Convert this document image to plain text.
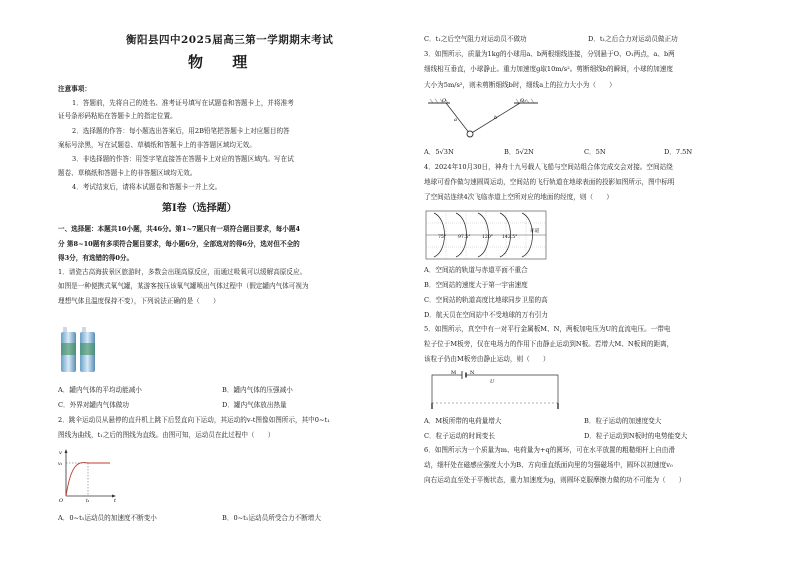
衡阳县四中2025届高三第一学期期末考试
物 理
注意事项：
1．答题前，先将自己的姓名、准考证号填写在试题卷和答题卡上，并将准考
证号条形码粘贴在答题卡上的指定位置。
2．选择题的作答：每小题选出答案后，用2B铅笔把答题卡上对应题目的答
案标号涂黑，写在试题卷、草稿纸和答题卡上的非答题区域均无效。
3．非选择题的作答：用签字笔直接答在答题卡上对应的答题区域内。写在试
题卷、草稿纸和答题卡上的非答题区域均无效。
4．考试结束后，请将本试题卷和答题卡一并上交。
第Ⅰ卷（选择题）
一、选择题：本题共10小题，共46分。第1~7题只有一项符合题目要求，每小题4
分 第8~10题有多项符合题目要求，每小题6分，全部选对的得6分，选对但不全的
得3分，有选错的得0分。
1．谱瓷古高海拔景区旅游时，多数会出现高原反应，而通过吸氧可以缓解高原反应。
如图是一种便携式氧气罐，某游客按压该氧气罐喷出气体过程中（假定罐内气体可视为
理想气体且温度保持不变），下列说法正确的是（　　）
A．罐内气体的平均动能减小	B．罐内气体的压强减小
C．外界对罐内气体做功	D．罐内气体放出热量
2．跳伞运动员从悬停的直升机上跳下后竖直向下运动，其运动的v-t图像如图所示，其中0~t₁
图线为曲线，t₁之后的图线为直线。由图可知，运动员在此过程中（　　）
v
v₁
O	t₁	t
A．0~t₁运动员的加速度不断变小	B．0~t₁运动员所受合力不断增大
C．t₁之后空气阻力对运动员不做功	D．t₁之后合力对运动员做正功
3．如图所示，质量为1kg的小球用a、b两根细线连接，分别悬于O、O₁两点，a、b两
细线相互垂直，小球静止。重力加速度g取10m/s²。剪断细线b的瞬间，小球的加速度
大小为5m/s²，则未剪断细线b时，细线a上的拉力大小为（　　）
O	O₁
a	b
A．5√3N	B．5√2N	C．5N	D．7.5N
4．2024年10月30日，神舟十九号载人飞船与空间站组合体完成交会对接。空间站绕
地球可看作做匀速圆周运动，空间站的飞行轨道在地球表面的投影如图所示，图中标明
了空间站连续4次飞临赤道上空所对应的地面的经度，则（　　）
75°	97.5° 120° 142.5°
赤道
A．空间站的轨道与赤道平面不重合
B．空间站的速度大于第一宇宙速度
C．空间站的轨道高度比地球同步卫星的高
D．航天员在空间站中不受地球的万有引力
5．如图所示，真空中有一对平行金属板M、N，两板加电压为U的直流电压。一带电
粒子位于M板旁，仅在电场力的作用下由静止运动到N板。若增大M、N板间的距离，
该粒子仍由M板旁由静止运动，则（　　）
M	N
U
A．M板所带的电荷量增大	B．粒子运动的加速度变大
C．粒子运动的时间变长	D．粒子运动到N板时的电势能变大
6．如图所示为一个质量为m、电荷量为+q的圆环，可在水平放置的粗糙细杆上自由滑
动，细杆处在磁感应强度大小为B、方向垂直纸面向里的匀强磁场中，圆环以初速度v₀
向右运动直至处于平衡状态，重力加速度为g，则圆环克服摩擦力做的功不可能为（　　）
